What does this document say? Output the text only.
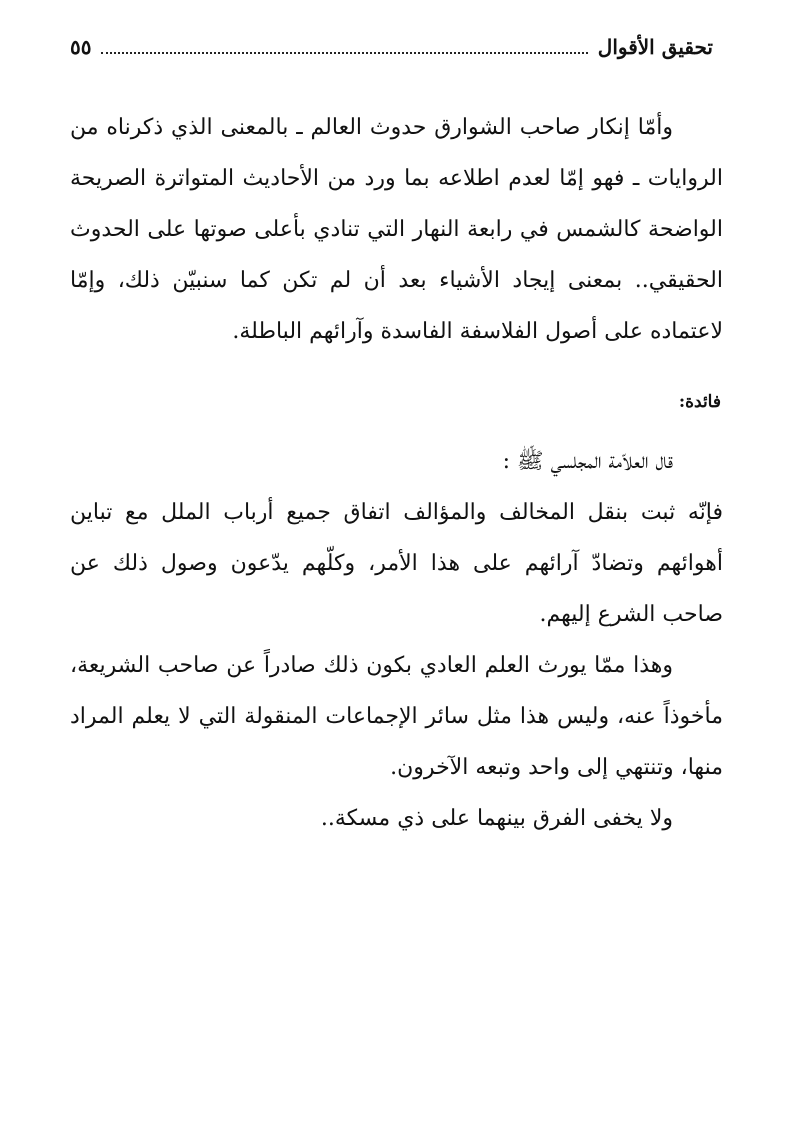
تحقيق الأقوال
٥٥

وأمّا إنكار صاحب الشوارق حدوث العالم ـ بالمعنى الذي ذكرناه من الروايات ـ فهو إمّا لعدم اطلاعه بما ورد من الأحاديث المتواترة الصريحة الواضحة كالشمس في رابعة النهار التي تنادي بأعلى صوتها على الحدوث الحقيقي.. بمعنى إيجاد الأشياء بعد أن لم تكن كما سنبيّن ذلك، وإمّا لاعتماده على أصول الفلاسفة الفاسدة وآرائهم الباطلة.

فائدة:

قال العلاّمة المجلسي ﷺ :

فإنّه ثبت بنقل المخالف والمؤالف اتفاق جميع أرباب الملل مع تباين أهوائهم وتضادّ آرائهم على هذا الأمر، وكلّهم يدّعون وصول ذلك عن صاحب الشرع إليهم.

وهذا ممّا يورث العلم العادي بكون ذلك صادراً عن صاحب الشريعة، مأخوذاً عنه، وليس هذا مثل سائر الإجماعات المنقولة التي لا يعلم المراد منها، وتنتهي إلى واحد وتبعه الآخرون.

ولا يخفى الفرق بينهما على ذي مسكة..
